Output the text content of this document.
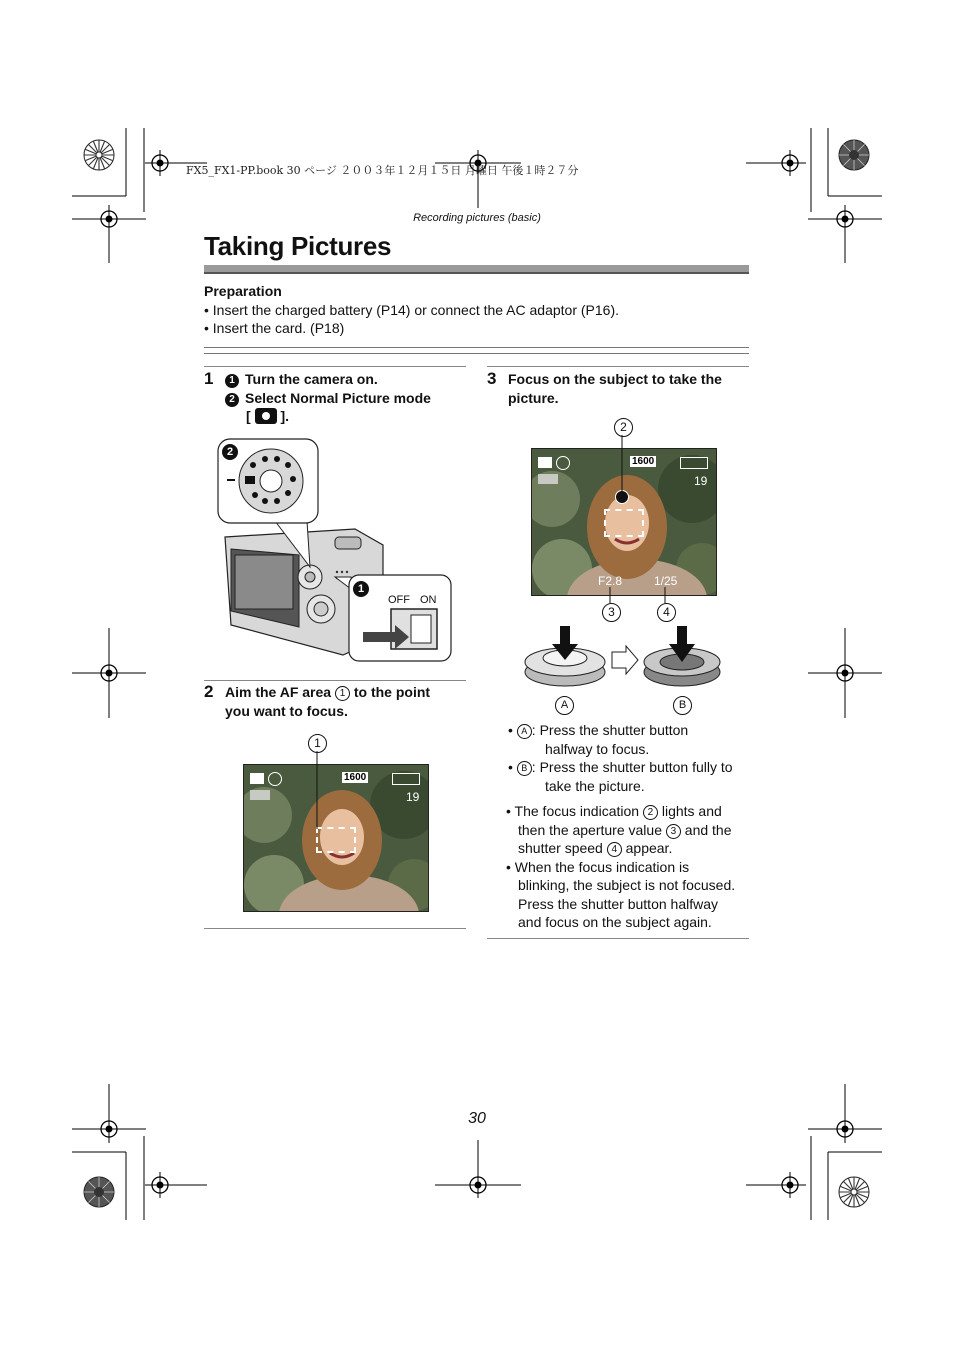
FX5_FX1-PP.book 30 ページ ２００３年１２月１５日 月曜日 午後１時２７分
Recording pictures (basic)
Taking Pictures
Preparation
• Insert the charged battery (P14) or connect the AC adaptor (P16).
• Insert the card. (P18)
1	1 Turn the camera on.
2 Select Normal Picture mode
[ ].
2
1
OFF ON
2 Aim the AF area 1 to the point
you want to focus.
1
1600
19
3 Focus on the subject to take the
picture.
2
1600
19
F2.8	1/25
3	4
A	B
• A : Press the shutter button
halfway to focus.
• B : Press the shutter button fully to
take the picture.
• The focus indication 2 lights and
then the aperture value 3 and the
shutter speed 4 appear.
• When the focus indication is
blinking, the subject is not focused.
Press the shutter button halfway
and focus on the subject again.
30
